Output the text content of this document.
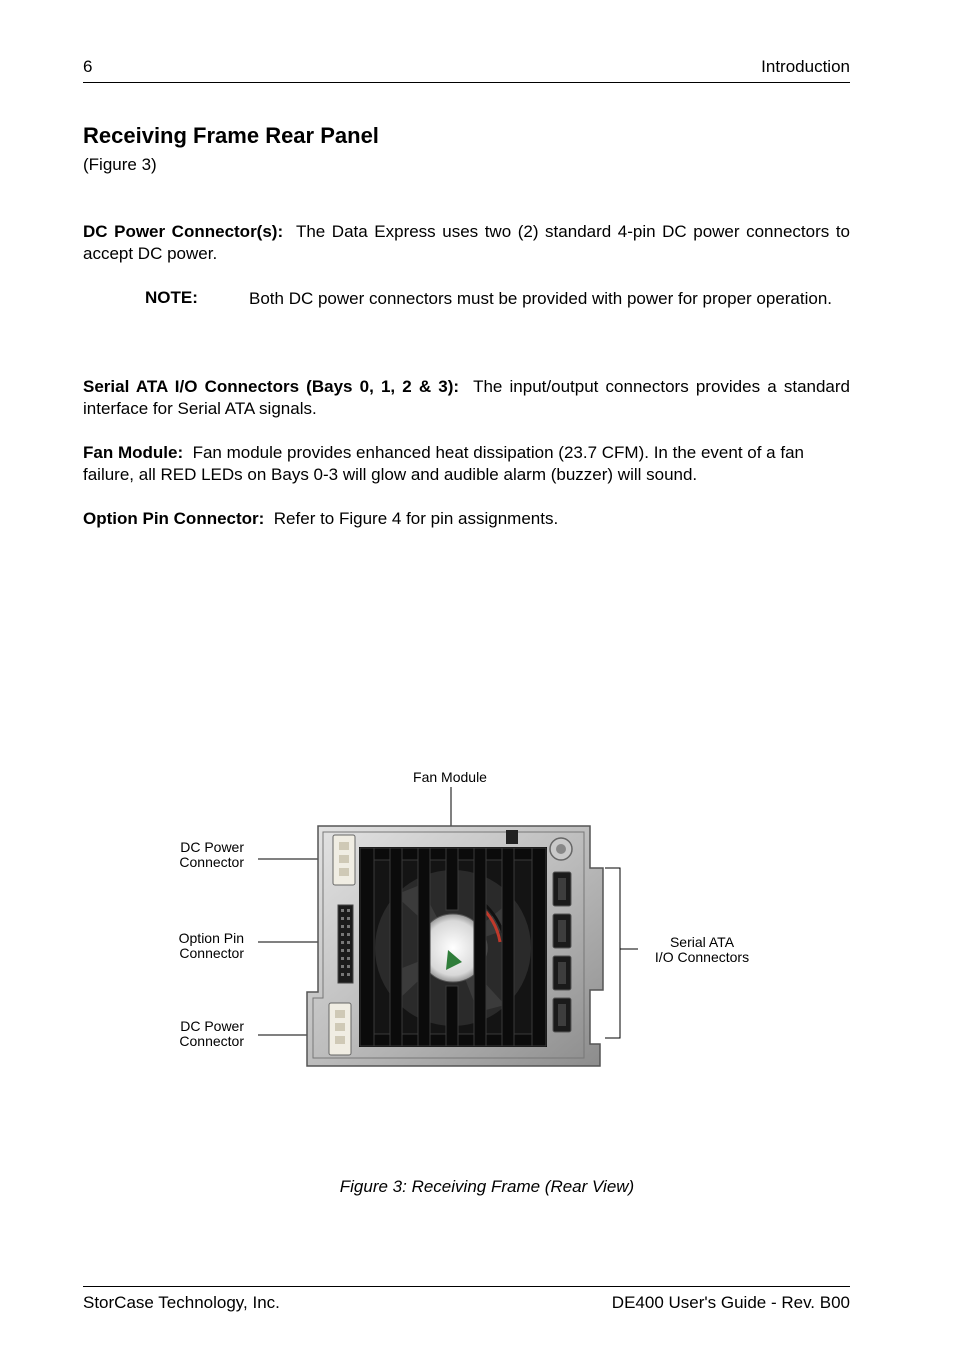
6	Introduction
Receiving Frame Rear Panel
(Figure 3)
DC Power Connector(s): The Data Express uses two (2) standard 4-pin DC power connectors to accept DC power.
NOTE:	Both DC power connectors must be provided with power for proper operation.
Serial ATA I/O Connectors (Bays 0, 1, 2 & 3): The input/output connectors provides a standard interface for Serial ATA signals.
Fan Module: Fan module provides enhanced heat dissipation (23.7 CFM). In the event of a fan failure, all RED LEDs on Bays 0-3 will glow and audible alarm (buzzer) will sound.
Option Pin Connector: Refer to Figure 4 for pin assignments.
Fan Module
DC Power
Connector
Option Pin
Connector
DC Power
Connector
Serial ATA
I/O Connectors
Figure 3: Receiving Frame (Rear View)
StorCase Technology, Inc.	DE400 User's Guide - Rev. B00
